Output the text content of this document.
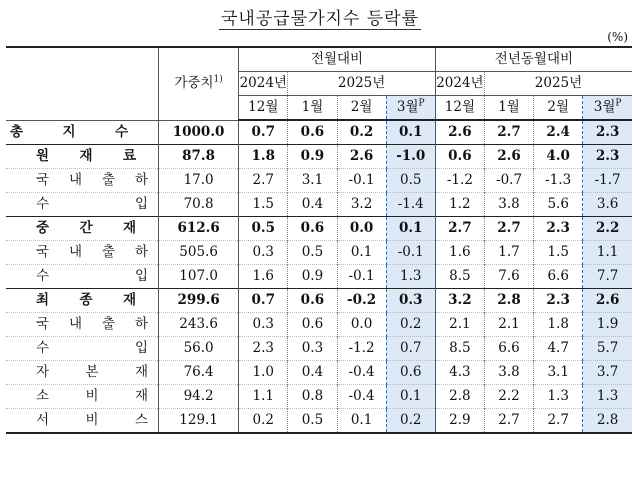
국내공급물가지수 등락률
(%)
	가중치$^{1)}$	전월대비				전년동월대비			
		2024년	2025년			2024년	2025년		
		12월	1월	2월	3월$^P$	12월	1월	2월	3월$^P$

총 지 수	1000.0	0.7	0.6	0.2	0.1	2.6	2.7	2.4	2.3

원 재 료	87.8	1.8	0.9	2.6	-1.0	0.6	2.6	4.0	2.3

국 내 출 하	17.0	2.7	3.1	-0.1	0.5	-1.2	-0.7	-1.3	-1.7

수 입	70.8	1.5	0.4	3.2	-1.4	1.2	3.8	5.6	3.6

중 간 재	612.6	0.5	0.6	0.0	0.1	2.7	2.7	2.3	2.2

국 내 출 하	505.6	0.3	0.5	0.1	-0.1	1.6	1.7	1.5	1.1

수 입	107.0	1.6	0.9	-0.1	1.3	8.5	7.6	6.6	7.7

최 종 재	299.6	0.7	0.6	-0.2	0.3	3.2	2.8	2.3	2.6

국 내 출 하	243.6	0.3	0.6	0.0	0.2	2.1	2.1	1.8	1.9

수 입	56.0	2.3	0.3	-1.2	0.7	8.5	6.6	4.7	5.7

자 본 재	76.4	1.0	0.4	-0.4	0.6	4.3	3.8	3.1	3.7

소 비 재	94.2	1.1	0.8	-0.4	0.1	2.8	2.2	1.3	1.3

서 비 스	129.1	0.2	0.5	0.1	0.2	2.9	2.7	2.7	2.8
